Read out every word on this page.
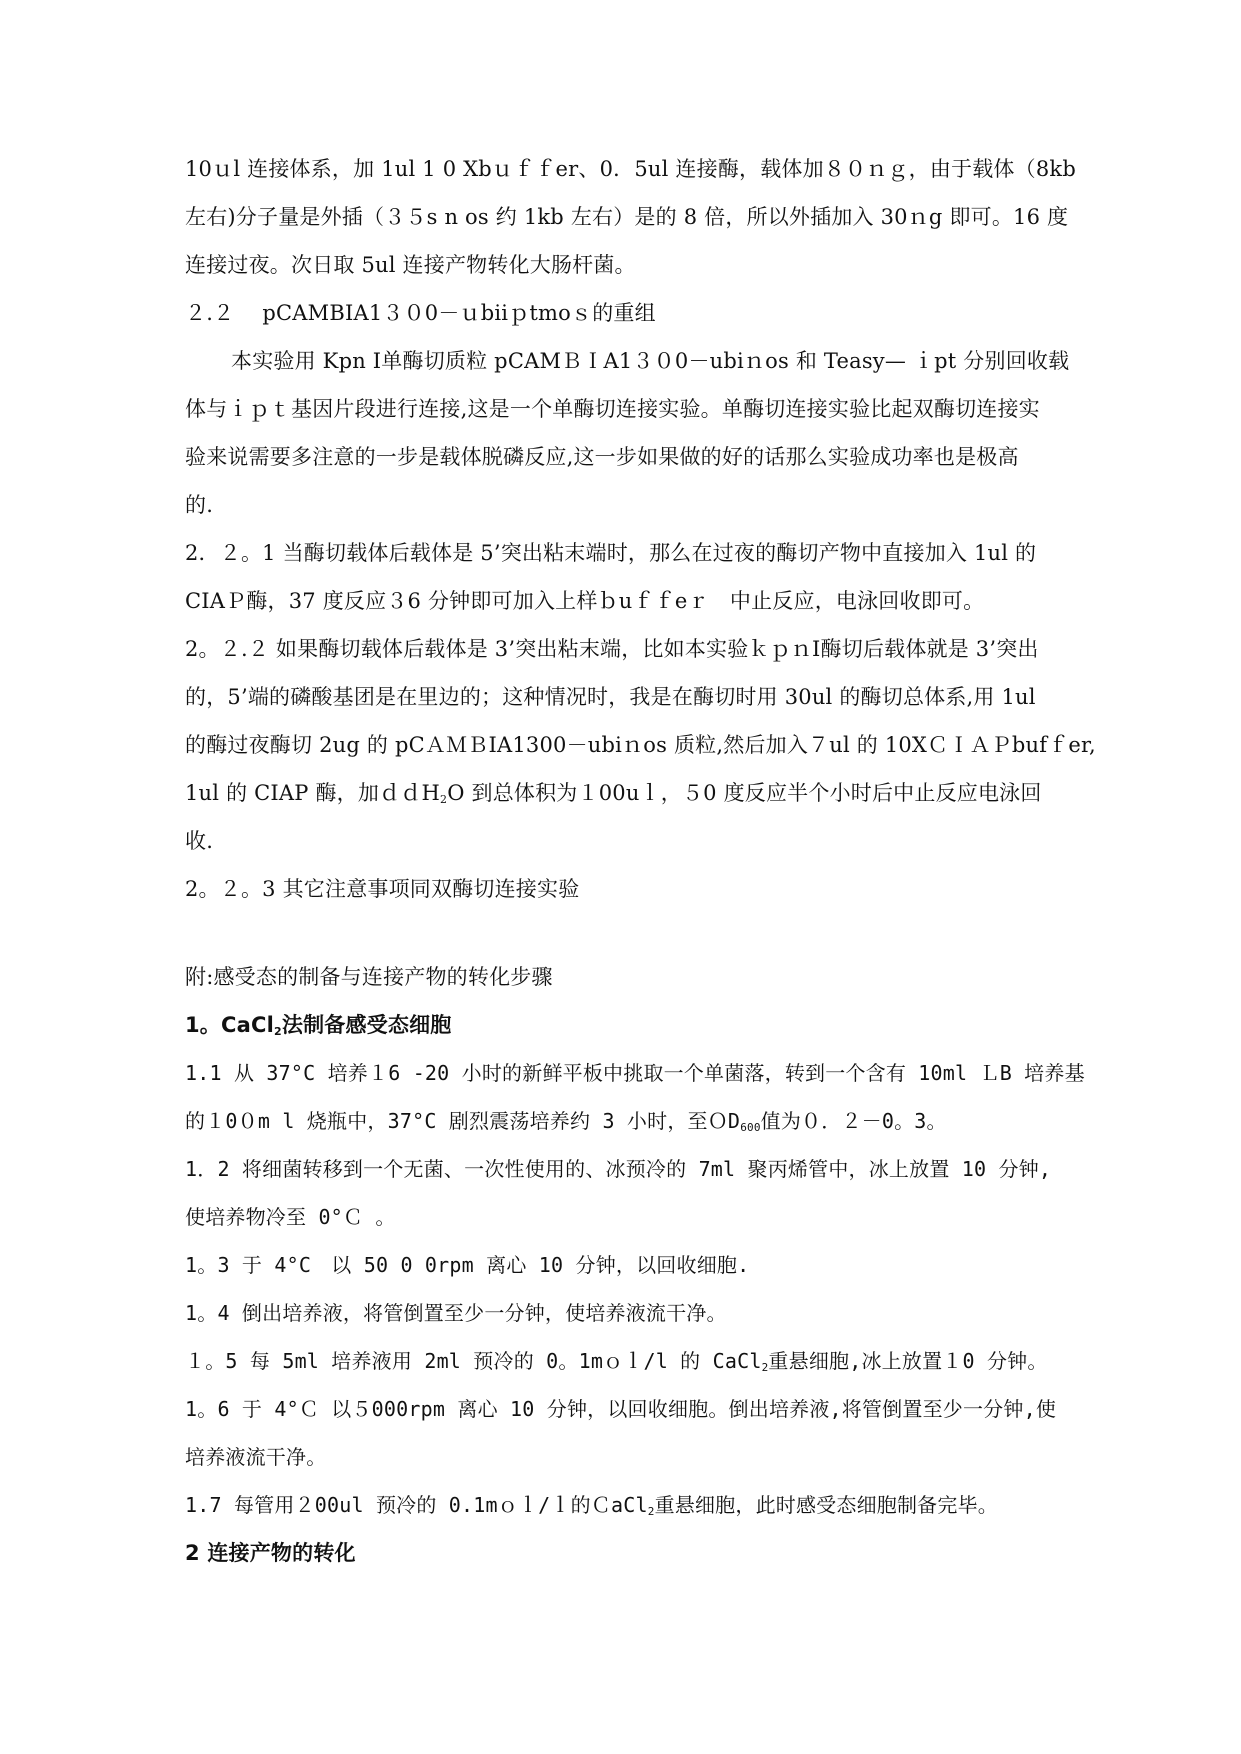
10ｕl 连接体系，加 1ul 1 0 Xbｕｆｆer、0．5ul 连接酶，载体加８０ｎｇ，由于载体（8kb
左右)分子量是外插（３５s n os 约 1kb 左右）是的 8 倍，所以外插加入 30ｎg 即可。16 度
连接过夜。次日取 5ul 连接产物转化大肠杆菌。
２.２　 pCAMBIA1３０0－ｕbiiｐtmoｓ的重组
本实验用 Kpn Ⅰ单酶切质粒 pCAMＢＩA1３０0－ubiｎos 和 Teasy— ｉpt 分别回收载
体与ｉｐｔ基因片段进行连接,这是一个单酶切连接实验。单酶切连接实验比起双酶切连接实
验来说需要多注意的一步是载体脱磷反应,这一步如果做的好的话那么实验成功率也是极高
的.
2．２。1 当酶切载体后载体是 5’突出粘末端时，那么在过夜的酶切产物中直接加入 1ul 的
CIAＰ酶，37 度反应３6 分钟即可加入上样ｂuｆｆeｒ　中止反应，电泳回收即可。
2。２.２ 如果酶切载体后载体是 3’突出粘末端，比如本实验ｋｐｎⅠ酶切后载体就是 3’突出
的，5’端的磷酸基团是在里边的；这种情况时，我是在酶切时用 30ul 的酶切总体系,用 1ul
的酶过夜酶切 2ug 的 pCＡＭＢIA1300－ubiｎos 质粒,然后加入７ul 的 10XＣＩＡＰbufｆer,
1ul 的 CIAP 酶，加ｄｄH$_2$O 到总体积为１00uｌ，５0 度反应半个小时后中止反应电泳回
收.
2。２。3 其它注意事项同双酶切连接实验
附:感受态的制备与连接产物的转化步骤
1。CaCl$_2$法制备感受态细胞
1.1 从 37°C 培养１6 -20 小时的新鲜平板中挑取一个单菌落，转到一个含有 10ml ＬB 培养基
的１0０m l 烧瓶中，37°C 剧烈震荡培养约 3 小时，至ＯD$_{600}$值为０．２－0。3。
1．2 将细菌转移到一个无菌、一次性使用的、冰预冷的 7ml 聚丙烯管中，冰上放置 10 分钟,
使培养物冷至 0°Ｃ 。
1。3 于 4°C　以 50 0 0rpm 离心 10 分钟，以回收细胞.
1。4 倒出培养液，将管倒置至少一分钟，使培养液流干净。
１。5 每 5ml 培养液用 2ml 预冷的 0。1mｏｌ/l 的 CaCl$_2$重悬细胞,冰上放置１0 分钟。
1。6 于 4°Ｃ 以５000rpm 离心 10 分钟，以回收细胞。倒出培养液,将管倒置至少一分钟,使
培养液流干净。
1.7 每管用２00ul 预冷的 0.1mｏｌ/ｌ的ＣaCl$_2$重悬细胞，此时感受态细胞制备完毕。
2 连接产物的转化
